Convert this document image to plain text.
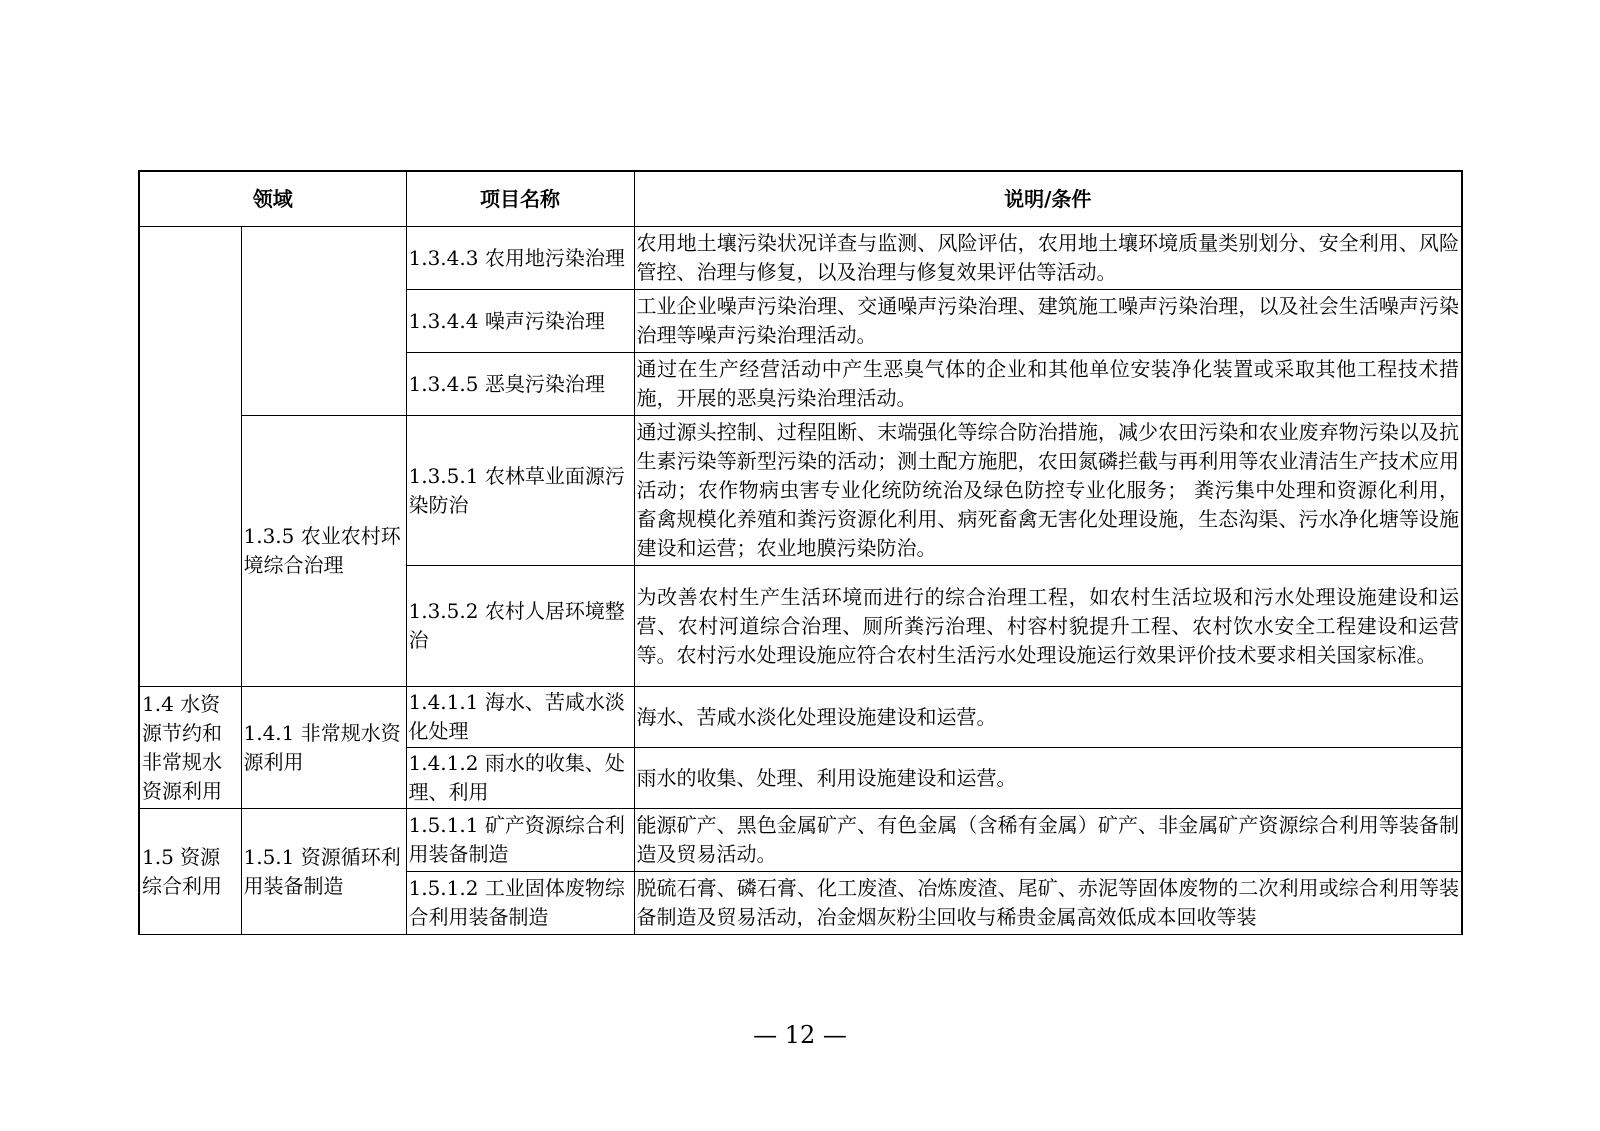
领域		项目名称	说明/条件
		1.3.4.3 农用地污染治理	农用地土壤污染状况详查与监测、风险评估，农用地土壤环境质量类别划分、安全利用、风险管控、治理与修复，以及治理与修复效果评估等活动。
		1.3.4.4 噪声污染治理	工业企业噪声污染治理、交通噪声污染治理、建筑施工噪声污染治理，以及社会生活噪声污染治理等噪声污染治理活动。
		1.3.4.5 恶臭污染治理	通过在生产经营活动中产生恶臭气体的企业和其他单位安装净化装置或采取其他工程技术措施，开展的恶臭污染治理活动。
	1.3.5 农业农村环境综合治理	1.3.5.1 农林草业面源污染防治	通过源头控制、过程阻断、末端强化等综合防治措施，减少农田污染和农业废弃物污染以及抗生素污染等新型污染的活动；测土配方施肥，农田氮磷拦截与再利用等农业清洁生产技术应用活动；农作物病虫害专业化统防统治及绿色防控专业化服务； 粪污集中处理和资源化利用，畜禽规模化养殖和粪污资源化利用、病死畜禽无害化处理设施，生态沟渠、污水净化塘等设施建设和运营；农业地膜污染防治。
		1.3.5.2 农村人居环境整治	为改善农村生产生活环境而进行的综合治理工程，如农村生活垃圾和污水处理设施建设和运营、农村河道综合治理、厕所粪污治理、村容村貌提升工程、农村饮水安全工程建设和运营等。农村污水处理设施应符合农村生活污水处理设施运行效果评价技术要求相关国家标准。
1.4 水资源节约和非常规水资源利用	1.4.1 非常规水资源利用	1.4.1.1 海水、苦咸水淡化处理	海水、苦咸水淡化处理设施建设和运营。
		1.4.1.2 雨水的收集、处理、利用	雨水的收集、处理、利用设施建设和运营。
1.5 资源综合利用	1.5.1 资源循环利用装备制造	1.5.1.1 矿产资源综合利用装备制造	能源矿产、黑色金属矿产、有色金属（含稀有金属）矿产、非金属矿产资源综合利用等装备制造及贸易活动。
		1.5.1.2 工业固体废物综合利用装备制造	脱硫石膏、磷石膏、化工废渣、冶炼废渣、尾矿、赤泥等固体废物的二次利用或综合利用等装备制造及贸易活动，冶金烟灰粉尘回收与稀贵金属高效低成本回收等装
— 12 —
